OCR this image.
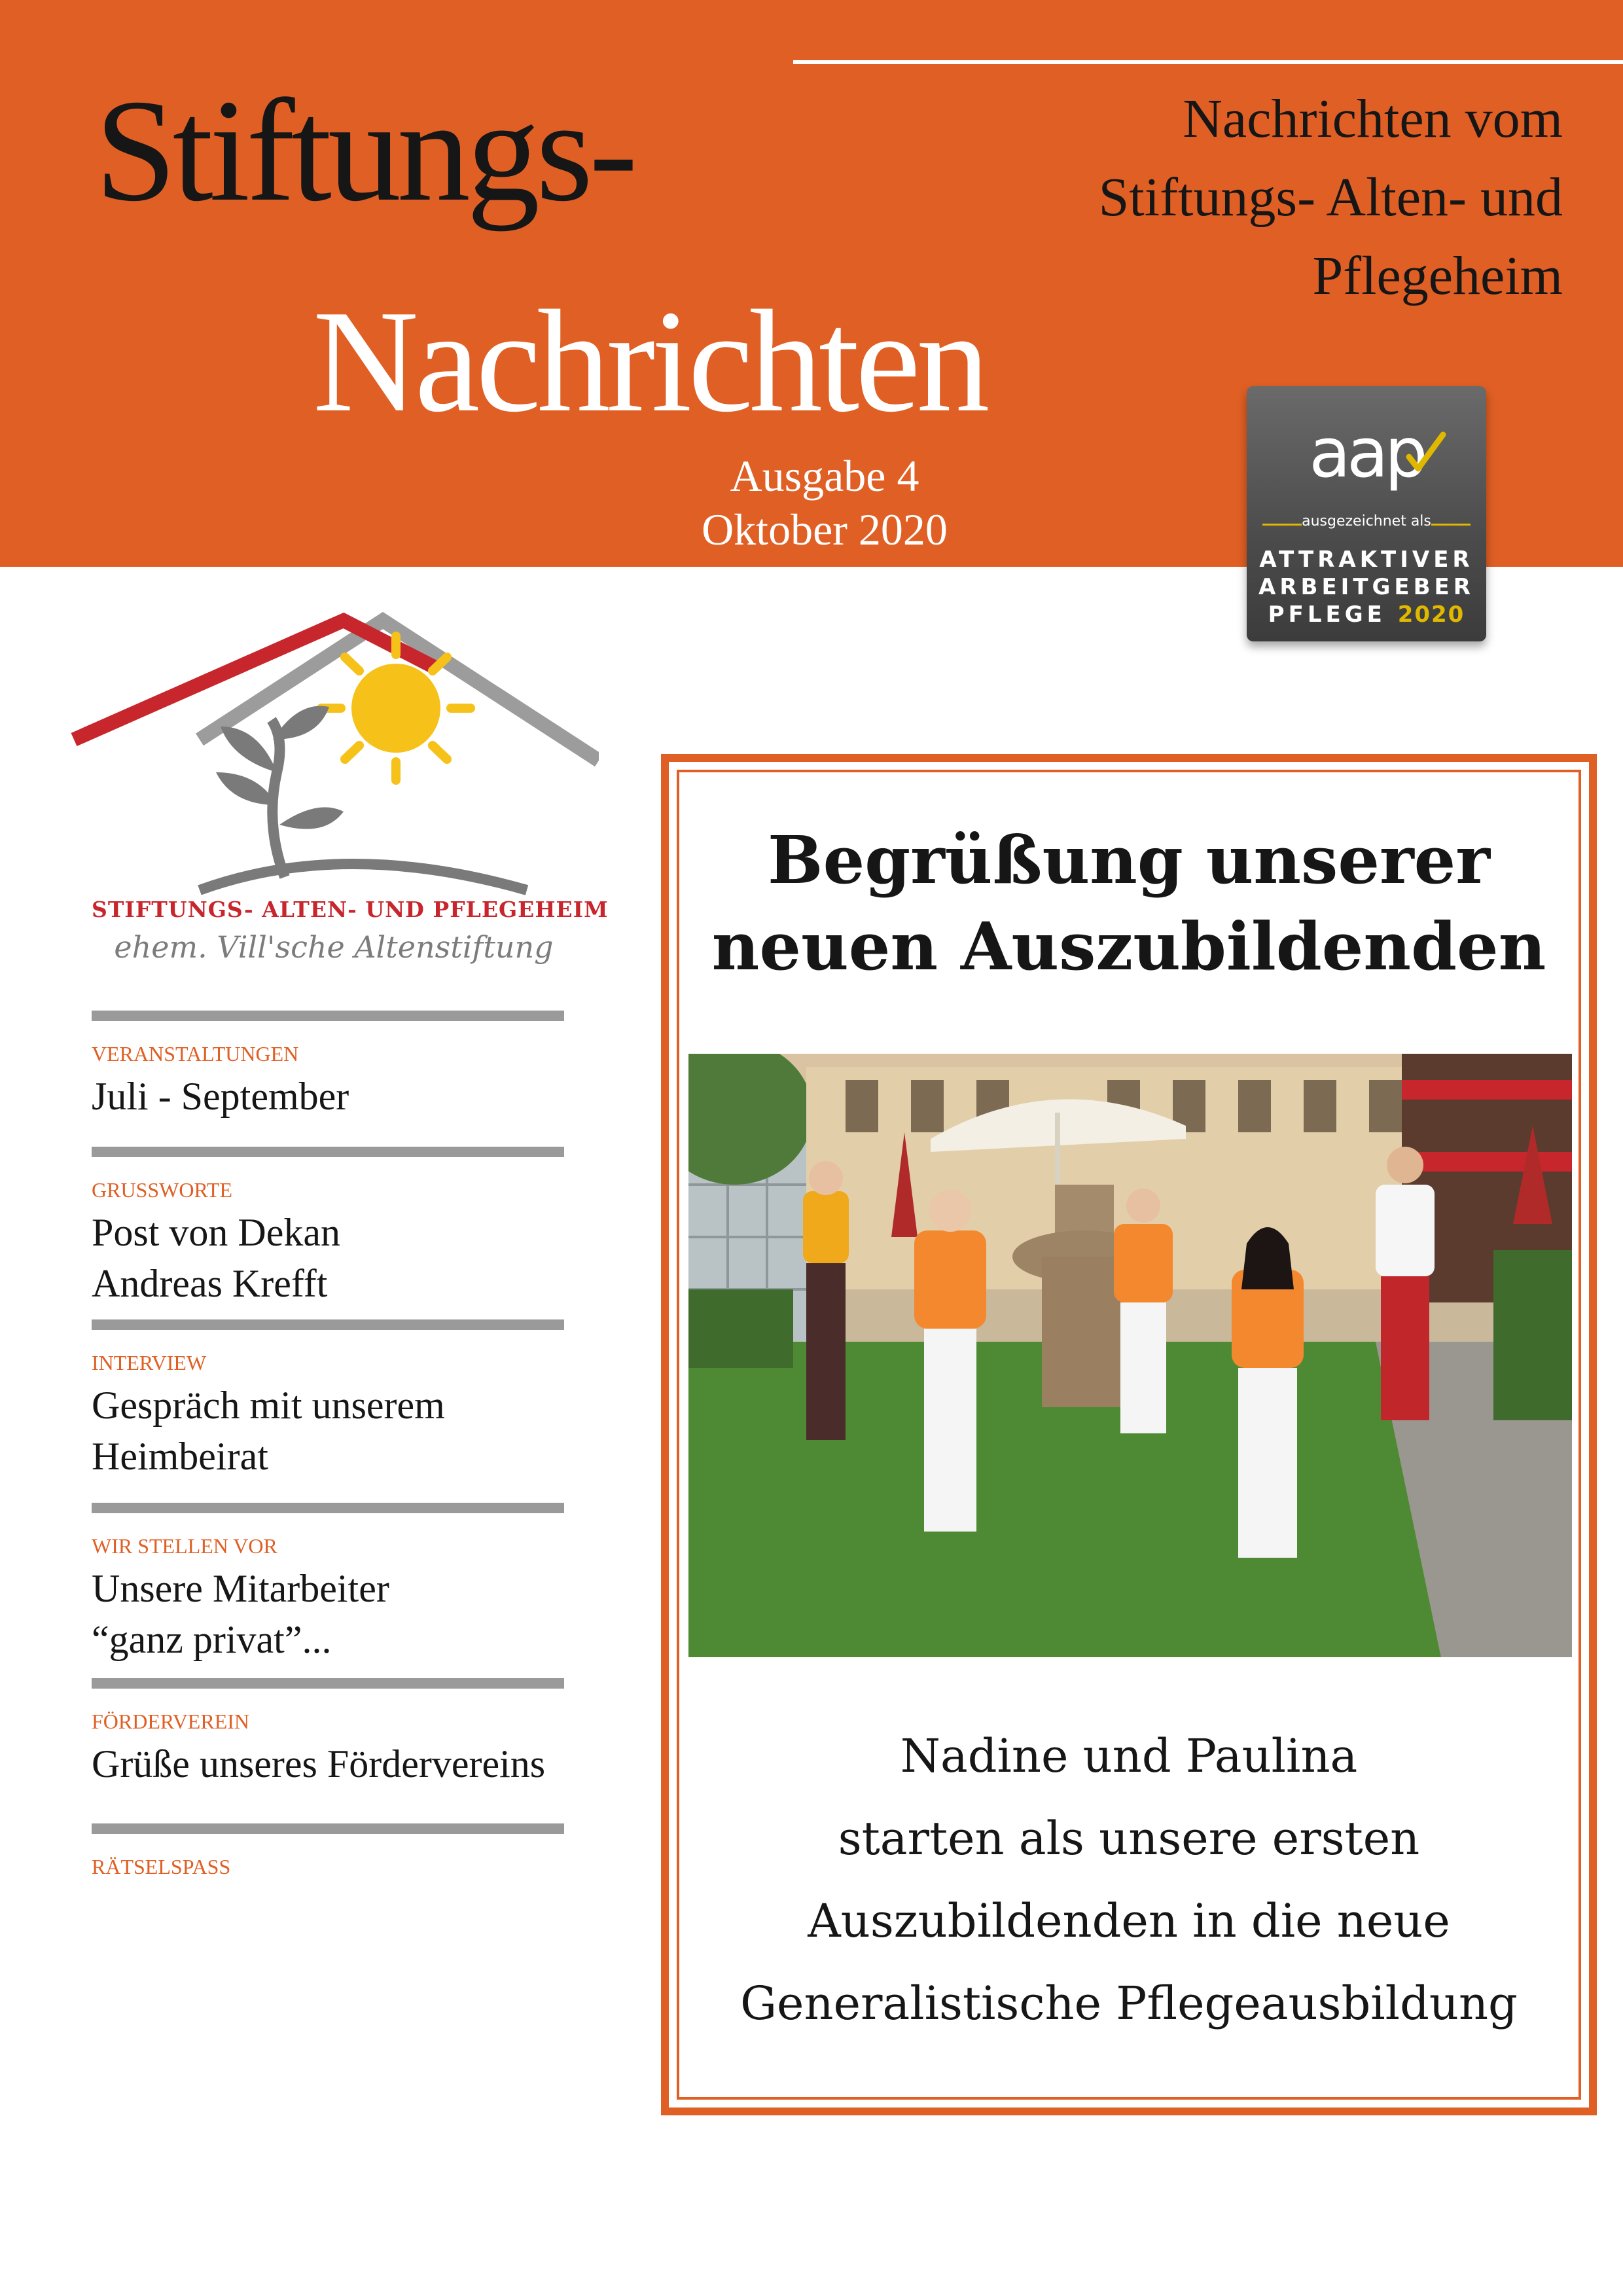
Stiftungs-
Nachrichten
Nachrichten vom
Stiftungs- Alten- und
Pflegeheim
Ausgabe 4
Oktober 2020
aap
ausgezeichnet als
ATTRAKTIVER
ARBEITGEBER
PFLEGE 2020
STIFTUNGS- ALTEN- UND PFLEGEHEIM
ehem. Vill'sche Altenstiftung
VERANSTALTUNGEN
Juli - September
GRUSSWORTE
Post von Dekan
Andreas Krefft
INTERVIEW
Gespräch mit unserem
Heimbeirat
WIR STELLEN VOR
Unsere Mitarbeiter
“ganz privat”...
FÖRDERVEREIN
Grüße unseres Fördervereins
RÄTSELSPASS
Begrüßung unserer
neuen Auszubildenden
Nadine und Paulina
starten als unsere ersten
Auszubildenden in die neue
Generalistische Pflegeausbildung
